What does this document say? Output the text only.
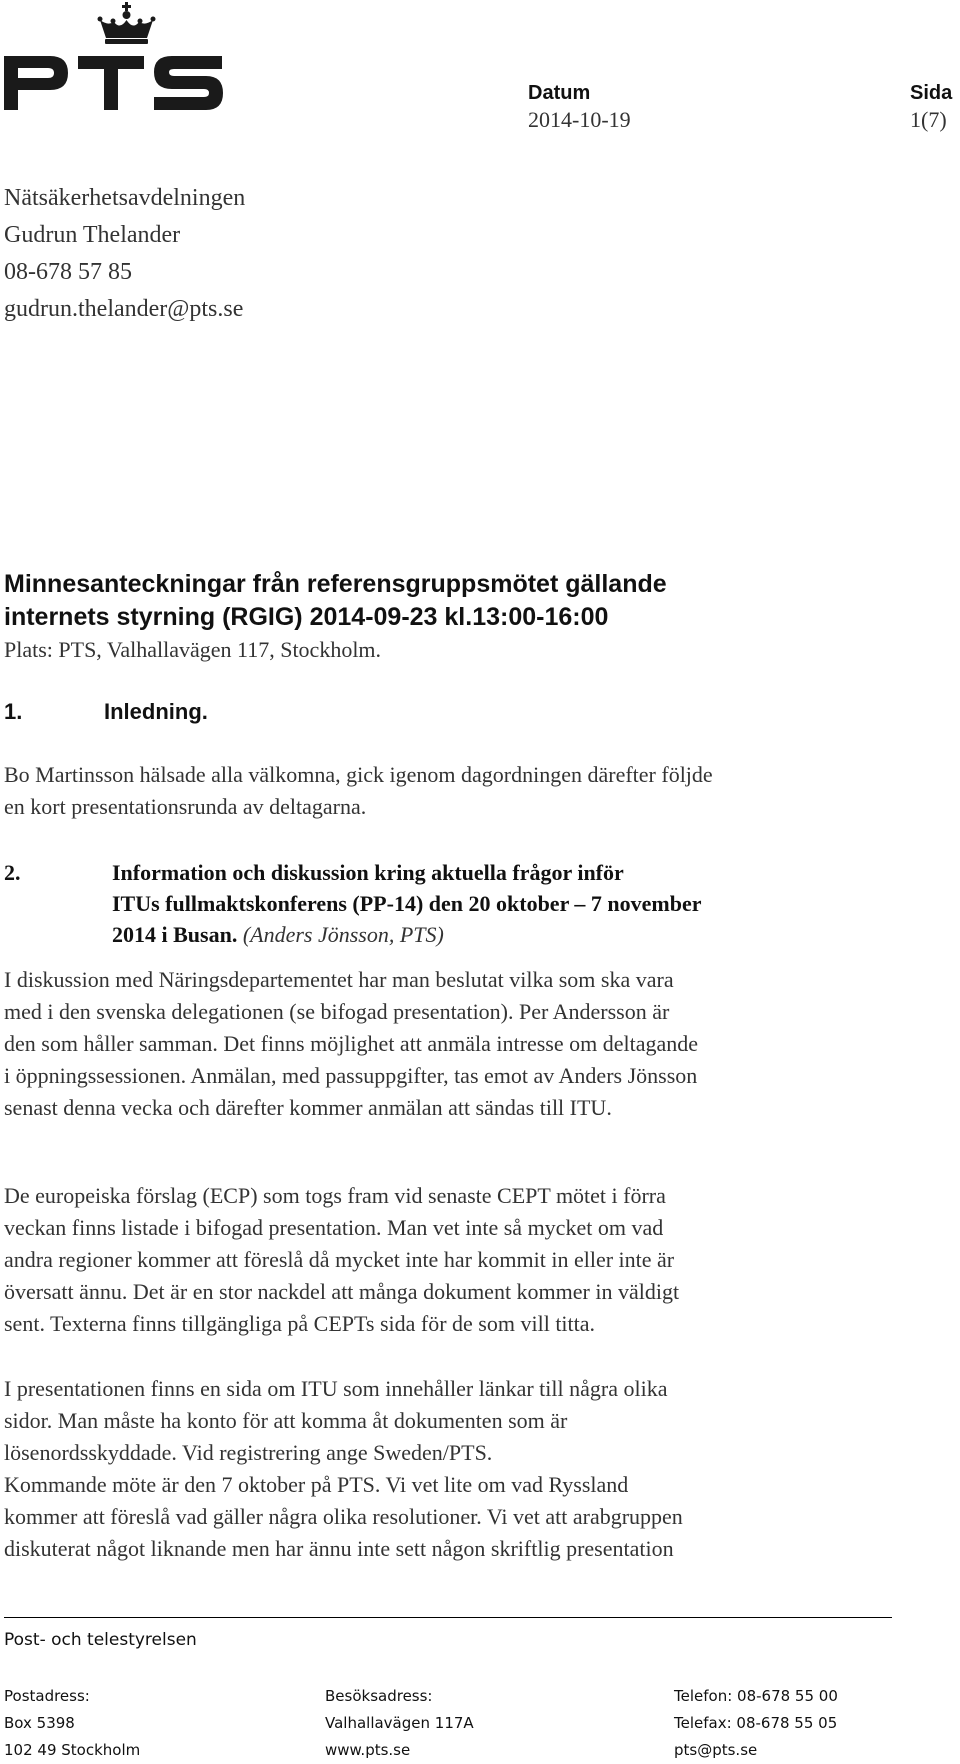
Datum
2014-10-19
Sida
1(7)
Nätsäkerhetsavdelningen
Gudrun Thelander
08-678 57 85
gudrun.thelander@pts.se
Minnesanteckningar från referensgruppsmötet gällande
internets styrning (RGIG) 2014-09-23 kl.13:00-16:00
Plats: PTS, Valhallavägen 117, Stockholm.
1.	Inledning.
Bo Martinsson hälsade alla välkomna, gick igenom dagordningen därefter följde
en kort presentationsrunda av deltagarna.
2.	Information och diskussion kring aktuella frågor inför
ITUs fullmaktskonferens (PP-14) den 20 oktober – 7 november
2014 i Busan. (Anders Jönsson, PTS)
I diskussion med Näringsdepartementet har man beslutat vilka som ska vara
med i den svenska delegationen (se bifogad presentation). Per Andersson är
den som håller samman. Det finns möjlighet att anmäla intresse om deltagande
i öppningssessionen. Anmälan, med passuppgifter, tas emot av Anders Jönsson
senast denna vecka och därefter kommer anmälan att sändas till ITU.
De europeiska förslag (ECP) som togs fram vid senaste CEPT mötet i förra
veckan finns listade i bifogad presentation. Man vet inte så mycket om vad
andra regioner kommer att föreslå då mycket inte har kommit in eller inte är
översatt ännu. Det är en stor nackdel att många dokument kommer in väldigt
sent. Texterna finns tillgängliga på CEPTs sida för de som vill titta.
I presentationen finns en sida om ITU som innehåller länkar till några olika
sidor. Man måste ha konto för att komma åt dokumenten som är
lösenordsskyddade. Vid registrering ange Sweden/PTS.
Kommande möte är den 7 oktober på PTS. Vi vet lite om vad Ryssland
kommer att föreslå vad gäller några olika resolutioner. Vi vet att arabgruppen
diskuterat något liknande men har ännu inte sett någon skriftlig presentation
Post- och telestyrelsen
Postadress:
Box 5398
102 49 Stockholm
Besöksadress:
Valhallavägen 117A
www.pts.se
Telefon: 08-678 55 00
Telefax: 08-678 55 05
pts@pts.se
